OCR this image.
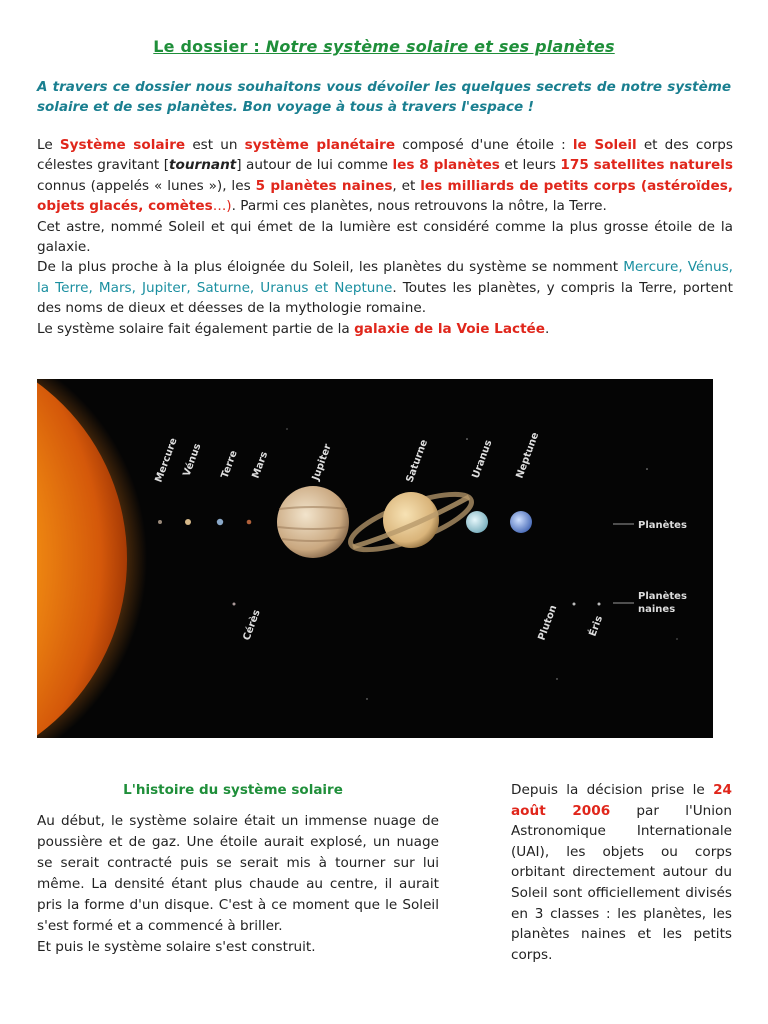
Le dossier : Notre système solaire et ses planètes
A travers ce dossier nous souhaitons vous dévoiler les quelques secrets de notre système solaire et de ses planètes. Bon voyage à tous à travers l'espace !

Le Système solaire est un système planétaire composé d'une étoile : le Soleil et des corps célestes gravitant [tournant] autour de lui comme les 8 planètes et leurs 175 satellites naturels connus (appelés « lunes »), les 5 planètes naines, et les milliards de petits corps (astéroïdes, objets glacés, comètes…). Parmi ces planètes, nous retrouvons la nôtre, la Terre.

Cet astre, nommé Soleil et qui émet de la lumière est considéré comme la plus grosse étoile de la galaxie.

De la plus proche à la plus éloignée du Soleil, les planètes du système se nomment Mercure, Vénus, la Terre, Mars, Jupiter, Saturne, Uranus et Neptune. Toutes les planètes, y compris la Terre, portent des noms de dieux et déesses de la mythologie romaine.

Le système solaire fait également partie de la galaxie de la Voie Lactée.

Mercure Vénus Terre Mars	Jupiter	Saturne	Uranus Neptune
Cérès	Pluton	Éris
Planètes
Planètes
naines
L'histoire du système solaire

Au début, le système solaire était un immense nuage de poussière et de gaz. Une étoile aurait explosé, un nuage se serait contracté puis se serait mis à tourner sur lui même. La densité étant plus chaude au centre, il aurait pris la forme d'un disque. C'est à ce moment que le Soleil s'est formé et a commencé à briller.

Et puis le système solaire s'est construit.

Depuis la décision prise le 24 août 2006 par l'Union Astronomique Internationale (UAI), les objets ou corps orbitant directement autour du Soleil sont officiellement divisés en 3 classes : les planètes, les planètes naines et les petits corps.
